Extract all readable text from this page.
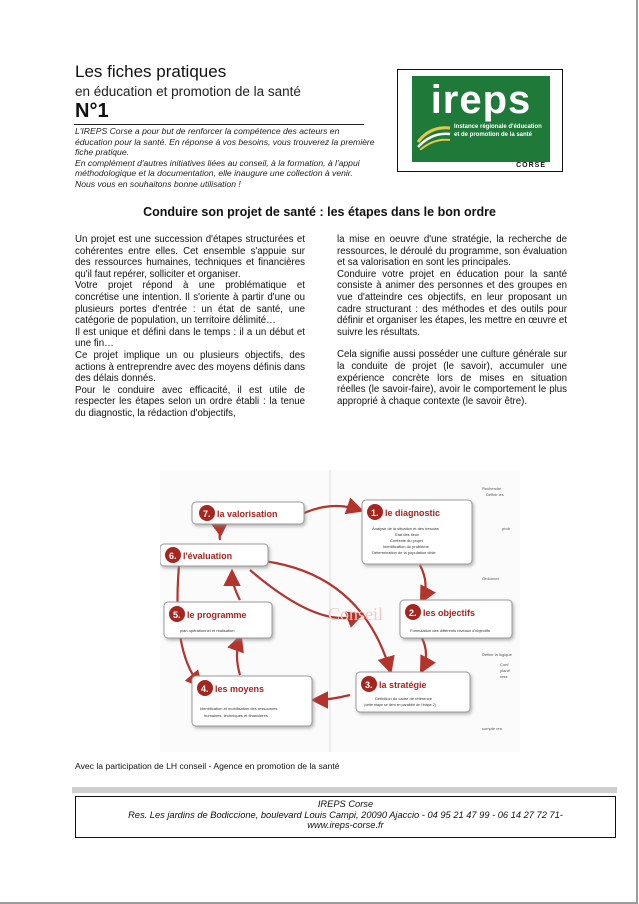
Les fiches pratiques
en éducation et promotion de la santé
N°1

L'IREPS Corse a pour but de renforcer la compétence des acteurs en éducation pour la santé. En réponse à vos besoins, vous trouverez la première fiche pratique.

En complément d'autres initiatives liées au conseil, à la formation, à l'appui méthodologique et la documentation, elle inaugure une collection à venir. Nous vous en souhaitons bonne utilisation !

ireps
Instance régionale d'éducation
et de promotion de la santé
CORSE
Conduire son projet de santé : les étapes dans le bon ordre

Un projet est une succession d'étapes structurées et cohérentes entre elles. Cet ensemble s'appuie sur des ressources humaines, techniques et financières qu'il faut repérer, solliciter et organiser.

Votre projet répond à une problématique et concrétise une intention. Il s'oriente à partir d'une ou plusieurs portes d'entrée : un état de santé, une catégorie de population, un territoire délimité…

Il est unique et défini dans le temps : il a un début et une fin…

Ce projet implique un ou plusieurs objectifs, des actions à entreprendre avec des moyens définis dans des délais donnés.

Pour le conduire avec efficacité, il est utile de respecter les étapes selon un ordre établi : la tenue du diagnostic, la rédaction d'objectifs,

la mise en oeuvre d'une stratégie, la recherche de ressources, le déroulé du programme, son évaluation et sa valorisation en sont les principales.

Conduire votre projet en éducation pour la santé consiste à animer des personnes et des groupes en vue d'atteindre ces objectifs, en leur proposant un cadre structurant : des méthodes et des outils pour définir et organiser les étapes, les mettre en œuvre et suivre les résultats.

Cela signifie aussi posséder une culture générale sur la conduite de projet (le savoir), accumuler une expérience concrète lors de mises en situation réelles (le savoir-faire), avoir le comportement le plus approprié à chaque contexte (le savoir être).

Conseil
7. la valorisation
6. l'évaluation
5. le programme
plan opérationnel et réalisation
4. les moyens
Identification et mobilisation des ressources
humaines, techniques et financières
1. le diagnostic
Analyse de la situation et des besoins
Etat des lieux
Contexte du projet
Identification du problème
Détermination de la population cible
2. les objectifs
Formulation des différents niveaux d'objectifs
3. la stratégie
Définition du cadre de référence
(cette étape se tient en parallèle de l'étape 2)
Recherche
Définir les
prob
Ordonner
Définir la logique
Conf
planif
ress
compte ren
Avec la participation de LH conseil - Agence en promotion de la santé
IREPS Corse
Res. Les jardins de Bodiccione, boulevard Louis Campi, 20090 Ajaccio - 04 95 21 47 99 - 06 14 27 72 71-
www.ireps-corse.fr
